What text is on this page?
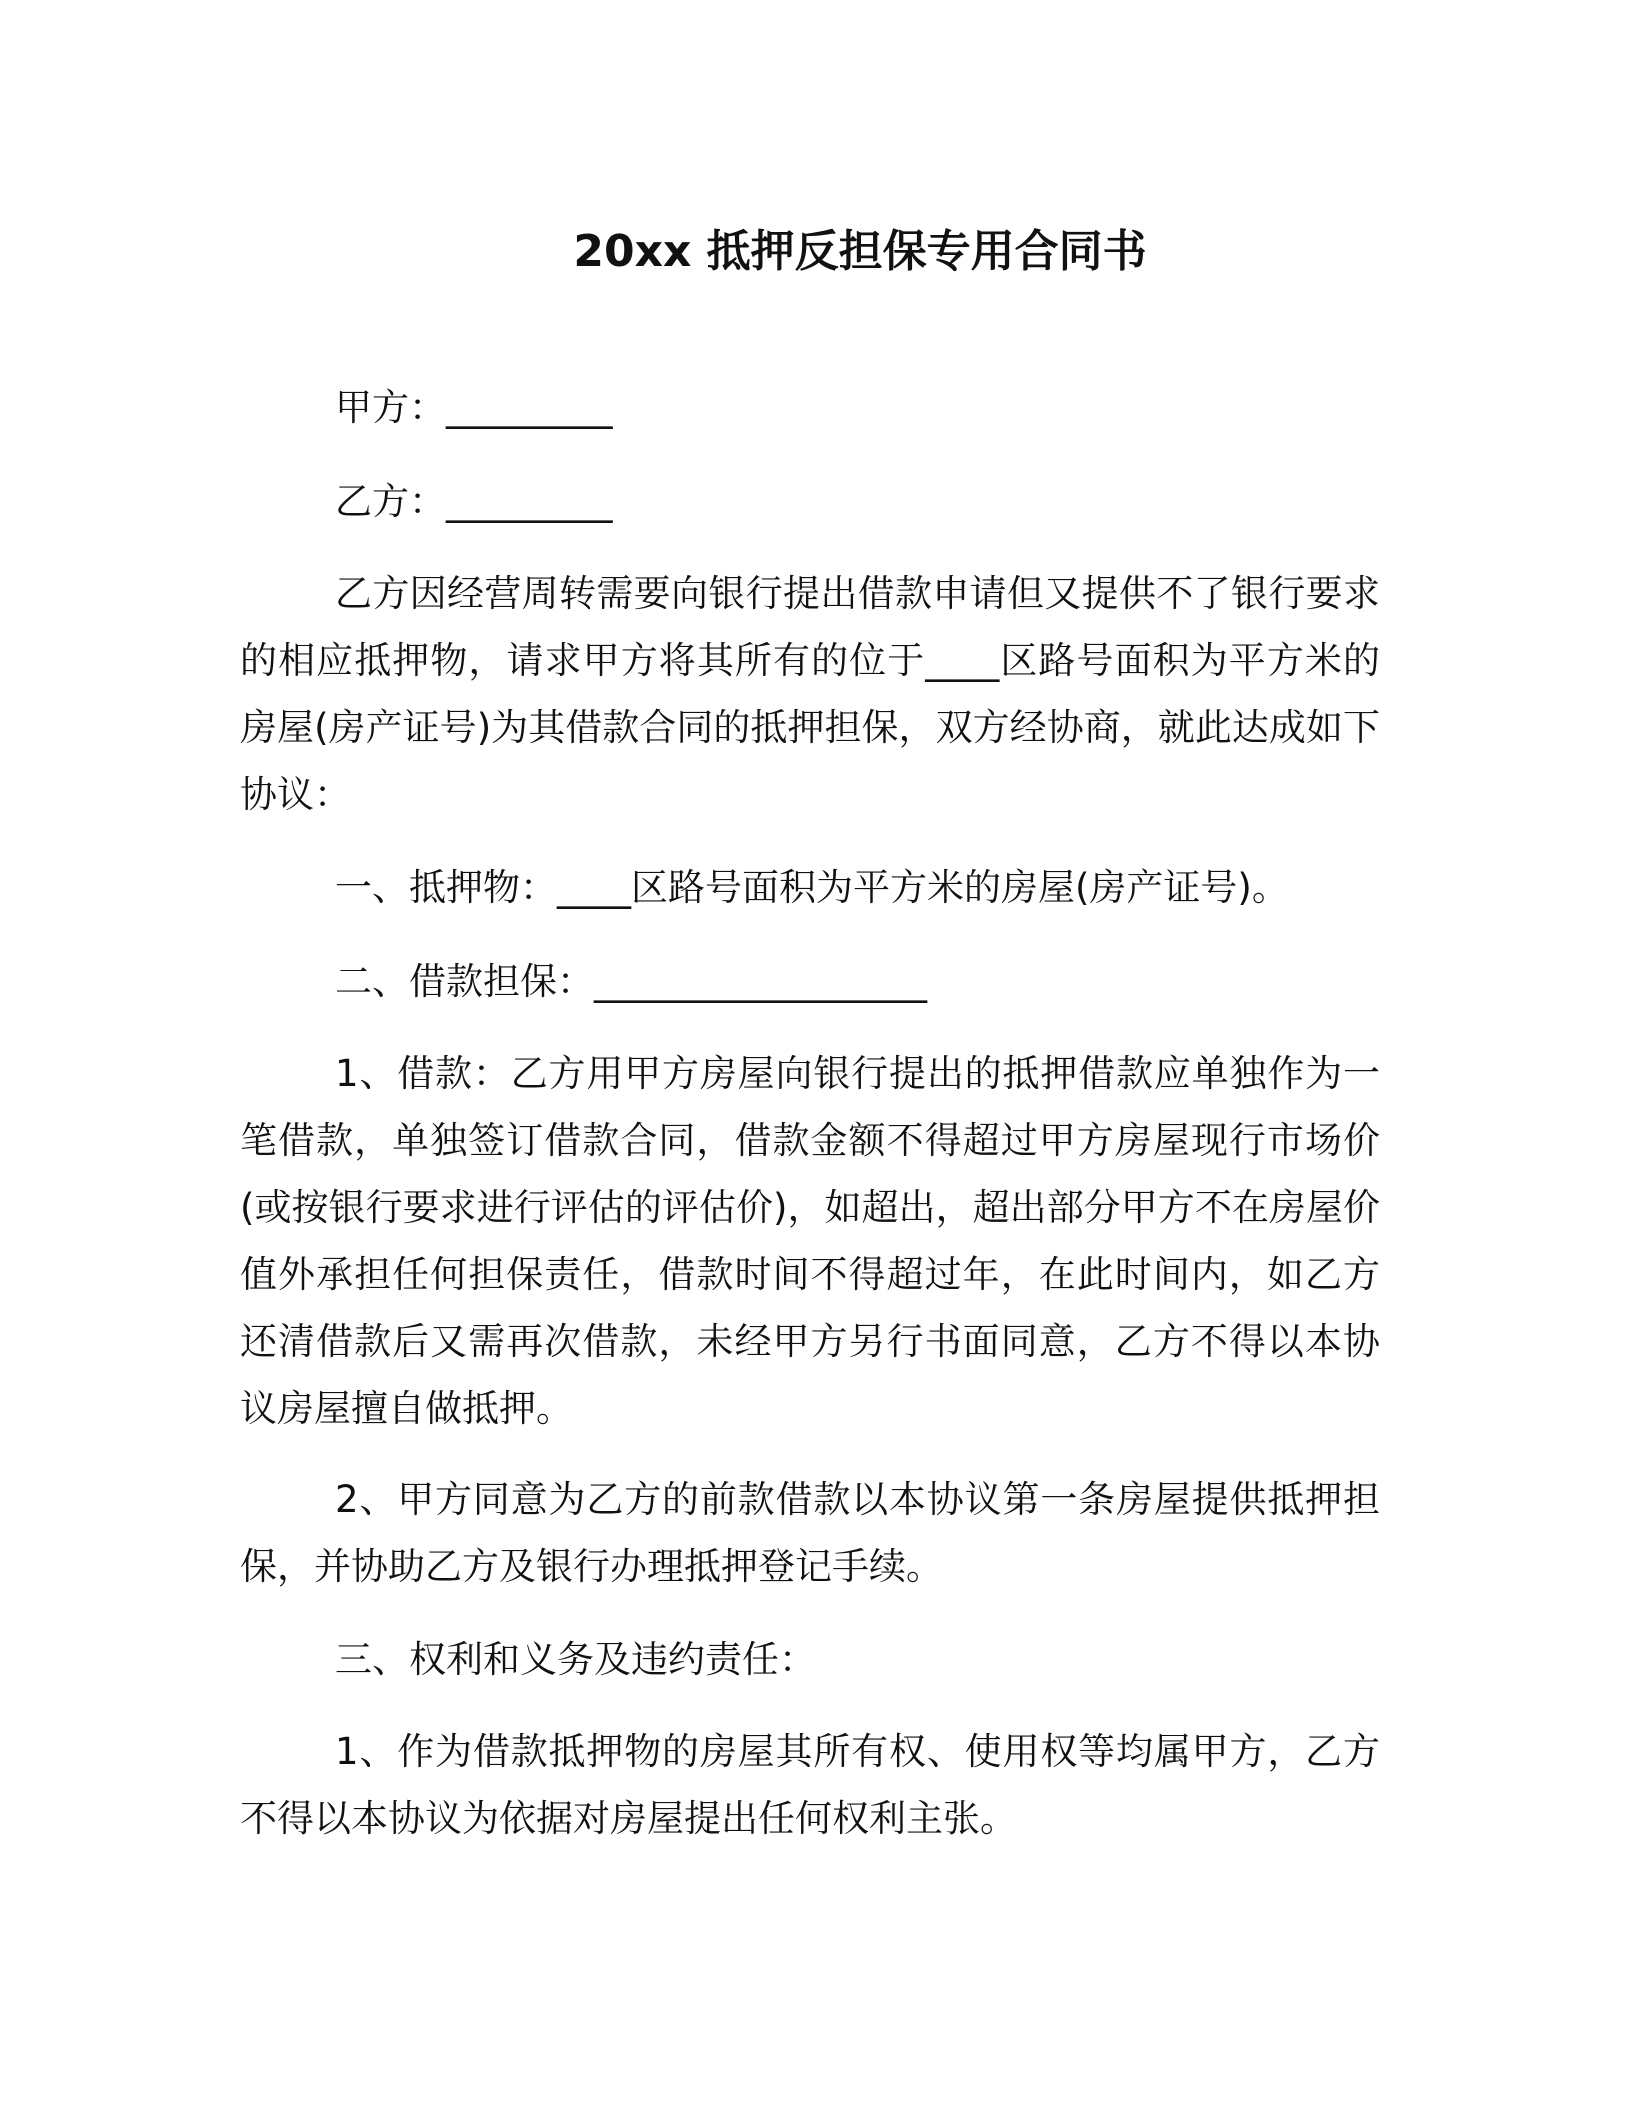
20xx 抵押反担保专用合同书
甲方：_________
乙方：_________

乙方因经营周转需要向银行提出借款申请但又提供不了银行要求的相应抵押物，请求甲方将其所有的位于____区路号面积为平方米的房屋(房产证号)为其借款合同的抵押担保，双方经协商，就此达成如下协议：

一、抵押物：____区路号面积为平方米的房屋(房产证号)。
二、借款担保：__________________

1、借款：乙方用甲方房屋向银行提出的抵押借款应单独作为一笔借款，单独签订借款合同，借款金额不得超过甲方房屋现行市场价(或按银行要求进行评估的评估价)，如超出，超出部分甲方不在房屋价值外承担任何担保责任，借款时间不得超过年，在此时间内，如乙方还清借款后又需再次借款，未经甲方另行书面同意，乙方不得以本协议房屋擅自做抵押。

2、甲方同意为乙方的前款借款以本协议第一条房屋提供抵押担保，并协助乙方及银行办理抵押登记手续。

三、权利和义务及违约责任：

1、作为借款抵押物的房屋其所有权、使用权等均属甲方，乙方不得以本协议为依据对房屋提出任何权利主张。
